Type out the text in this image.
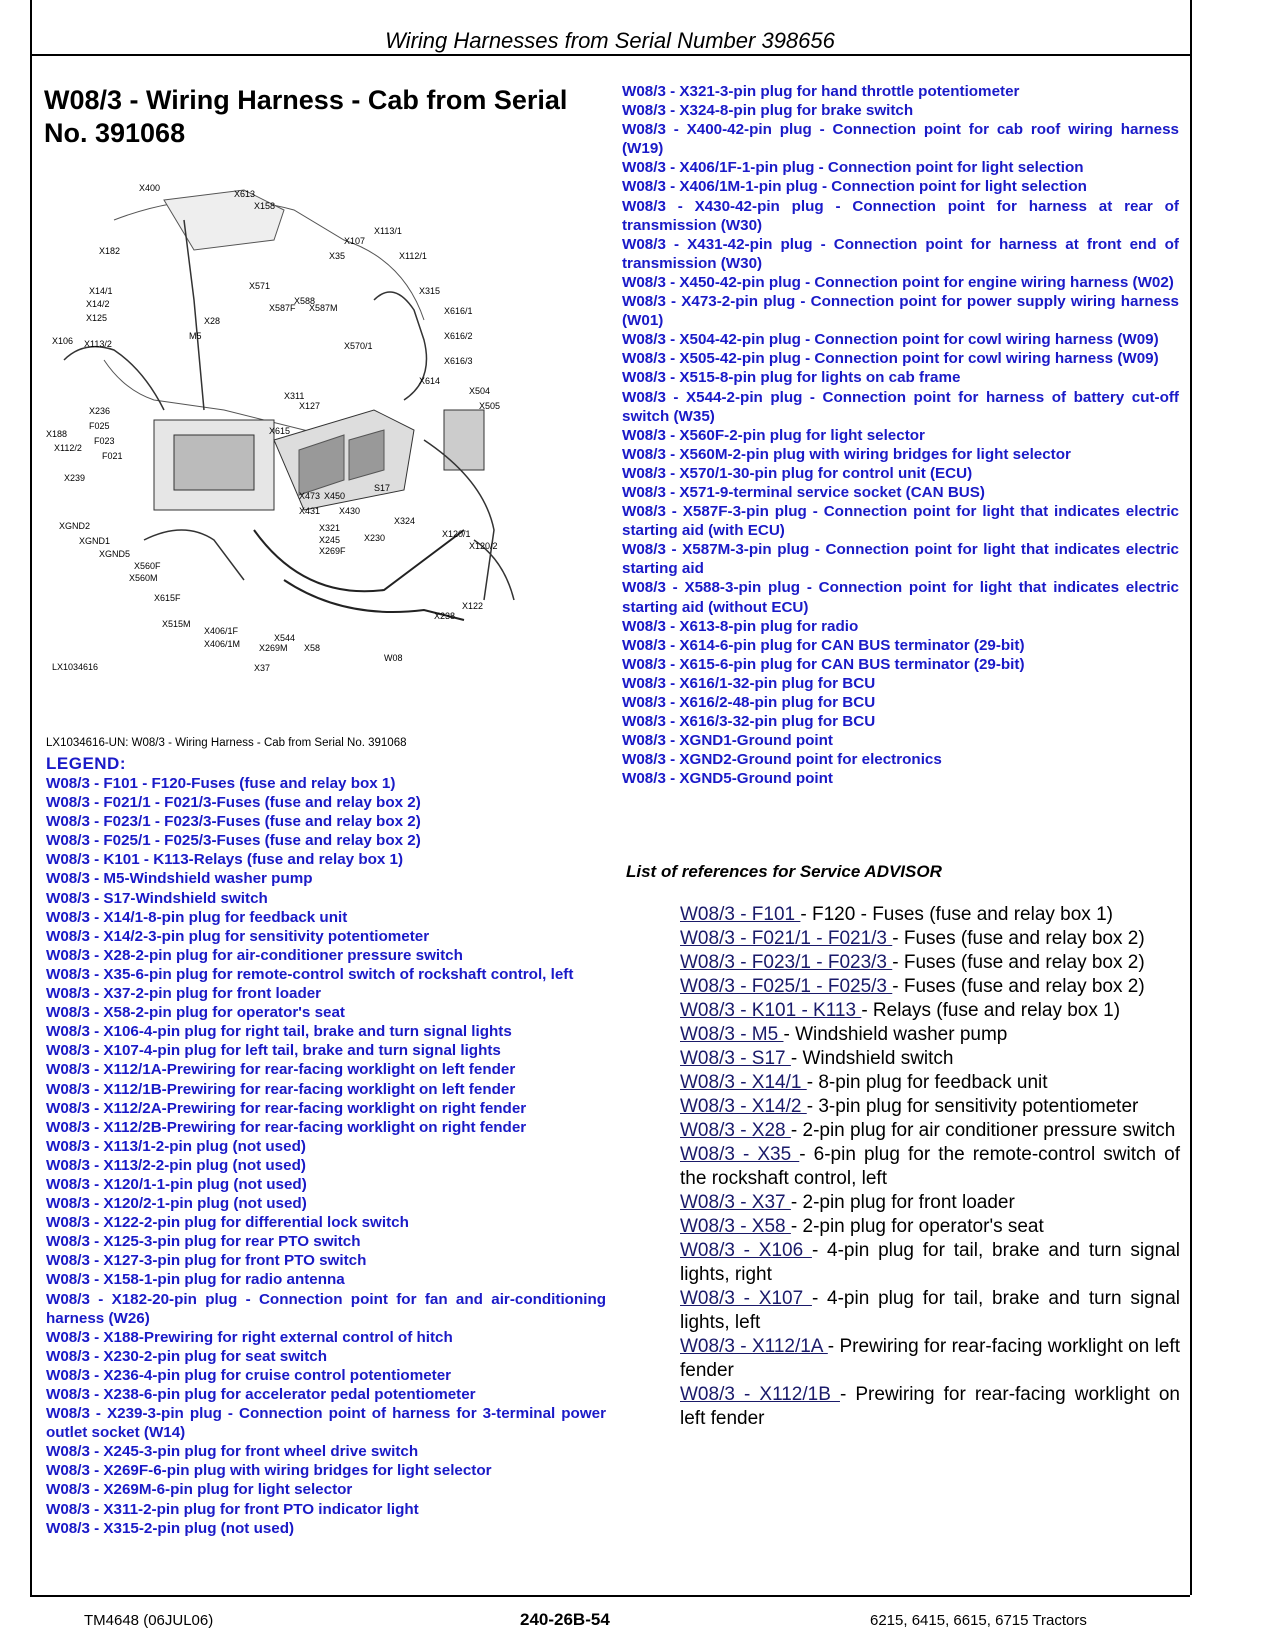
Wiring Harnesses from Serial Number 398656
W08/3 - Wiring Harness - Cab from Serial No. 391068
X400
X613
X158
X182
X107
X113/1
X35	X112/1
X571
X14/1
X14/2
X125
X588
X315
X587F X587M
X28
X616/1
M5
X113/2
X106	X616/2
X570/1
X616/3
X614
X311
X127
X504
X505
X236
F025	X615
X188
X112/2
F023
F021
X239
X473 X450
S17
X431 X430
XGND2	X324
X321
X245
XGND1
X269F
X230	X120/1
XGND5
X120/2
X560F
X560M
X615F
X122
X515M
X238
X406/1F
X544
X406/1M X269M X58
W08
X37
LX1034616
LX1034616-UN: W08/3 - Wiring Harness - Cab from Serial No. 391068
LEGEND:
W08/3 - F101 - F120-Fuses (fuse and relay box 1)
W08/3 - F021/1 - F021/3-Fuses (fuse and relay box 2)
W08/3 - F023/1 - F023/3-Fuses (fuse and relay box 2)
W08/3 - F025/1 - F025/3-Fuses (fuse and relay box 2)
W08/3 - K101 - K113-Relays (fuse and relay box 1)
W08/3 - M5-Windshield washer pump
W08/3 - S17-Windshield switch
W08/3 - X14/1-8-pin plug for feedback unit
W08/3 - X14/2-3-pin plug for sensitivity potentiometer
W08/3 - X28-2-pin plug for air-conditioner pressure switch
W08/3 - X35-6-pin plug for remote-control switch of rockshaft control, left
W08/3 - X37-2-pin plug for front loader
W08/3 - X58-2-pin plug for operator's seat
W08/3 - X106-4-pin plug for right tail, brake and turn signal lights
W08/3 - X107-4-pin plug for left tail, brake and turn signal lights
W08/3 - X112/1A-Prewiring for rear-facing worklight on left fender
W08/3 - X112/1B-Prewiring for rear-facing worklight on left fender
W08/3 - X112/2A-Prewiring for rear-facing worklight on right fender
W08/3 - X112/2B-Prewiring for rear-facing worklight on right fender
W08/3 - X113/1-2-pin plug (not used)
W08/3 - X113/2-2-pin plug (not used)
W08/3 - X120/1-1-pin plug (not used)
W08/3 - X120/2-1-pin plug (not used)
W08/3 - X122-2-pin plug for differential lock switch
W08/3 - X125-3-pin plug for rear PTO switch
W08/3 - X127-3-pin plug for front PTO switch
W08/3 - X158-1-pin plug for radio antenna
W08/3 - X182-20-pin plug - Connection point for fan and air-conditioning harness (W26)
W08/3 - X188-Prewiring for right external control of hitch
W08/3 - X230-2-pin plug for seat switch
W08/3 - X236-4-pin plug for cruise control potentiometer
W08/3 - X238-6-pin plug for accelerator pedal potentiometer
W08/3 - X239-3-pin plug - Connection point of harness for 3-terminal power outlet socket (W14)
W08/3 - X245-3-pin plug for front wheel drive switch
W08/3 - X269F-6-pin plug with wiring bridges for light selector
W08/3 - X269M-6-pin plug for light selector
W08/3 - X311-2-pin plug for front PTO indicator light
W08/3 - X315-2-pin plug (not used)
W08/3 - X321-3-pin plug for hand throttle potentiometer
W08/3 - X324-8-pin plug for brake switch
W08/3 - X400-42-pin plug - Connection point for cab roof wiring harness (W19)
W08/3 - X406/1F-1-pin plug - Connection point for light selection
W08/3 - X406/1M-1-pin plug - Connection point for light selection
W08/3 - X430-42-pin plug - Connection point for harness at rear of transmission (W30)
W08/3 - X431-42-pin plug - Connection point for harness at front end of transmission (W30)
W08/3 - X450-42-pin plug - Connection point for engine wiring harness (W02)
W08/3 - X473-2-pin plug - Connection point for power supply wiring harness (W01)
W08/3 - X504-42-pin plug - Connection point for cowl wiring harness (W09)
W08/3 - X505-42-pin plug - Connection point for cowl wiring harness (W09)
W08/3 - X515-8-pin plug for lights on cab frame
W08/3 - X544-2-pin plug - Connection point for harness of battery cut-off switch (W35)
W08/3 - X560F-2-pin plug for light selector
W08/3 - X560M-2-pin plug with wiring bridges for light selector
W08/3 - X570/1-30-pin plug for control unit (ECU)
W08/3 - X571-9-terminal service socket (CAN BUS)
W08/3 - X587F-3-pin plug - Connection point for light that indicates electric starting aid (with ECU)
W08/3 - X587M-3-pin plug - Connection point for light that indicates electric starting aid
W08/3 - X588-3-pin plug - Connection point for light that indicates electric starting aid (without ECU)
W08/3 - X613-8-pin plug for radio
W08/3 - X614-6-pin plug for CAN BUS terminator (29-bit)
W08/3 - X615-6-pin plug for CAN BUS terminator (29-bit)
W08/3 - X616/1-32-pin plug for BCU
W08/3 - X616/2-48-pin plug for BCU
W08/3 - X616/3-32-pin plug for BCU
W08/3 - XGND1-Ground point
W08/3 - XGND2-Ground point for electronics
W08/3 - XGND5-Ground point
List of references for Service ADVISOR
W08/3 - F101 - F120 - Fuses (fuse and relay box 1)
W08/3 - F021/1 - F021/3 - Fuses (fuse and relay box 2)
W08/3 - F023/1 - F023/3 - Fuses (fuse and relay box 2)
W08/3 - F025/1 - F025/3 - Fuses (fuse and relay box 2)
W08/3 - K101 - K113 - Relays (fuse and relay box 1)
W08/3 - M5 - Windshield washer pump
W08/3 - S17 - Windshield switch
W08/3 - X14/1 - 8-pin plug for feedback unit
W08/3 - X14/2 - 3-pin plug for sensitivity potentiometer
W08/3 - X28 - 2-pin plug for air conditioner pressure switch
W08/3 - X35 - 6-pin plug for the remote-control switch of the rockshaft control, left
W08/3 - X37 - 2-pin plug for front loader
W08/3 - X58 - 2-pin plug for operator's seat
W08/3 - X106 - 4-pin plug for tail, brake and turn signal lights, right
W08/3 - X107 - 4-pin plug for tail, brake and turn signal lights, left
W08/3 - X112/1A - Prewiring for rear-facing worklight on left fender
W08/3 - X112/1B - Prewiring for rear-facing worklight on left fender
TM4648 (06JUL06)	240-26B-54	6215, 6415, 6615, 6715 Tractors
